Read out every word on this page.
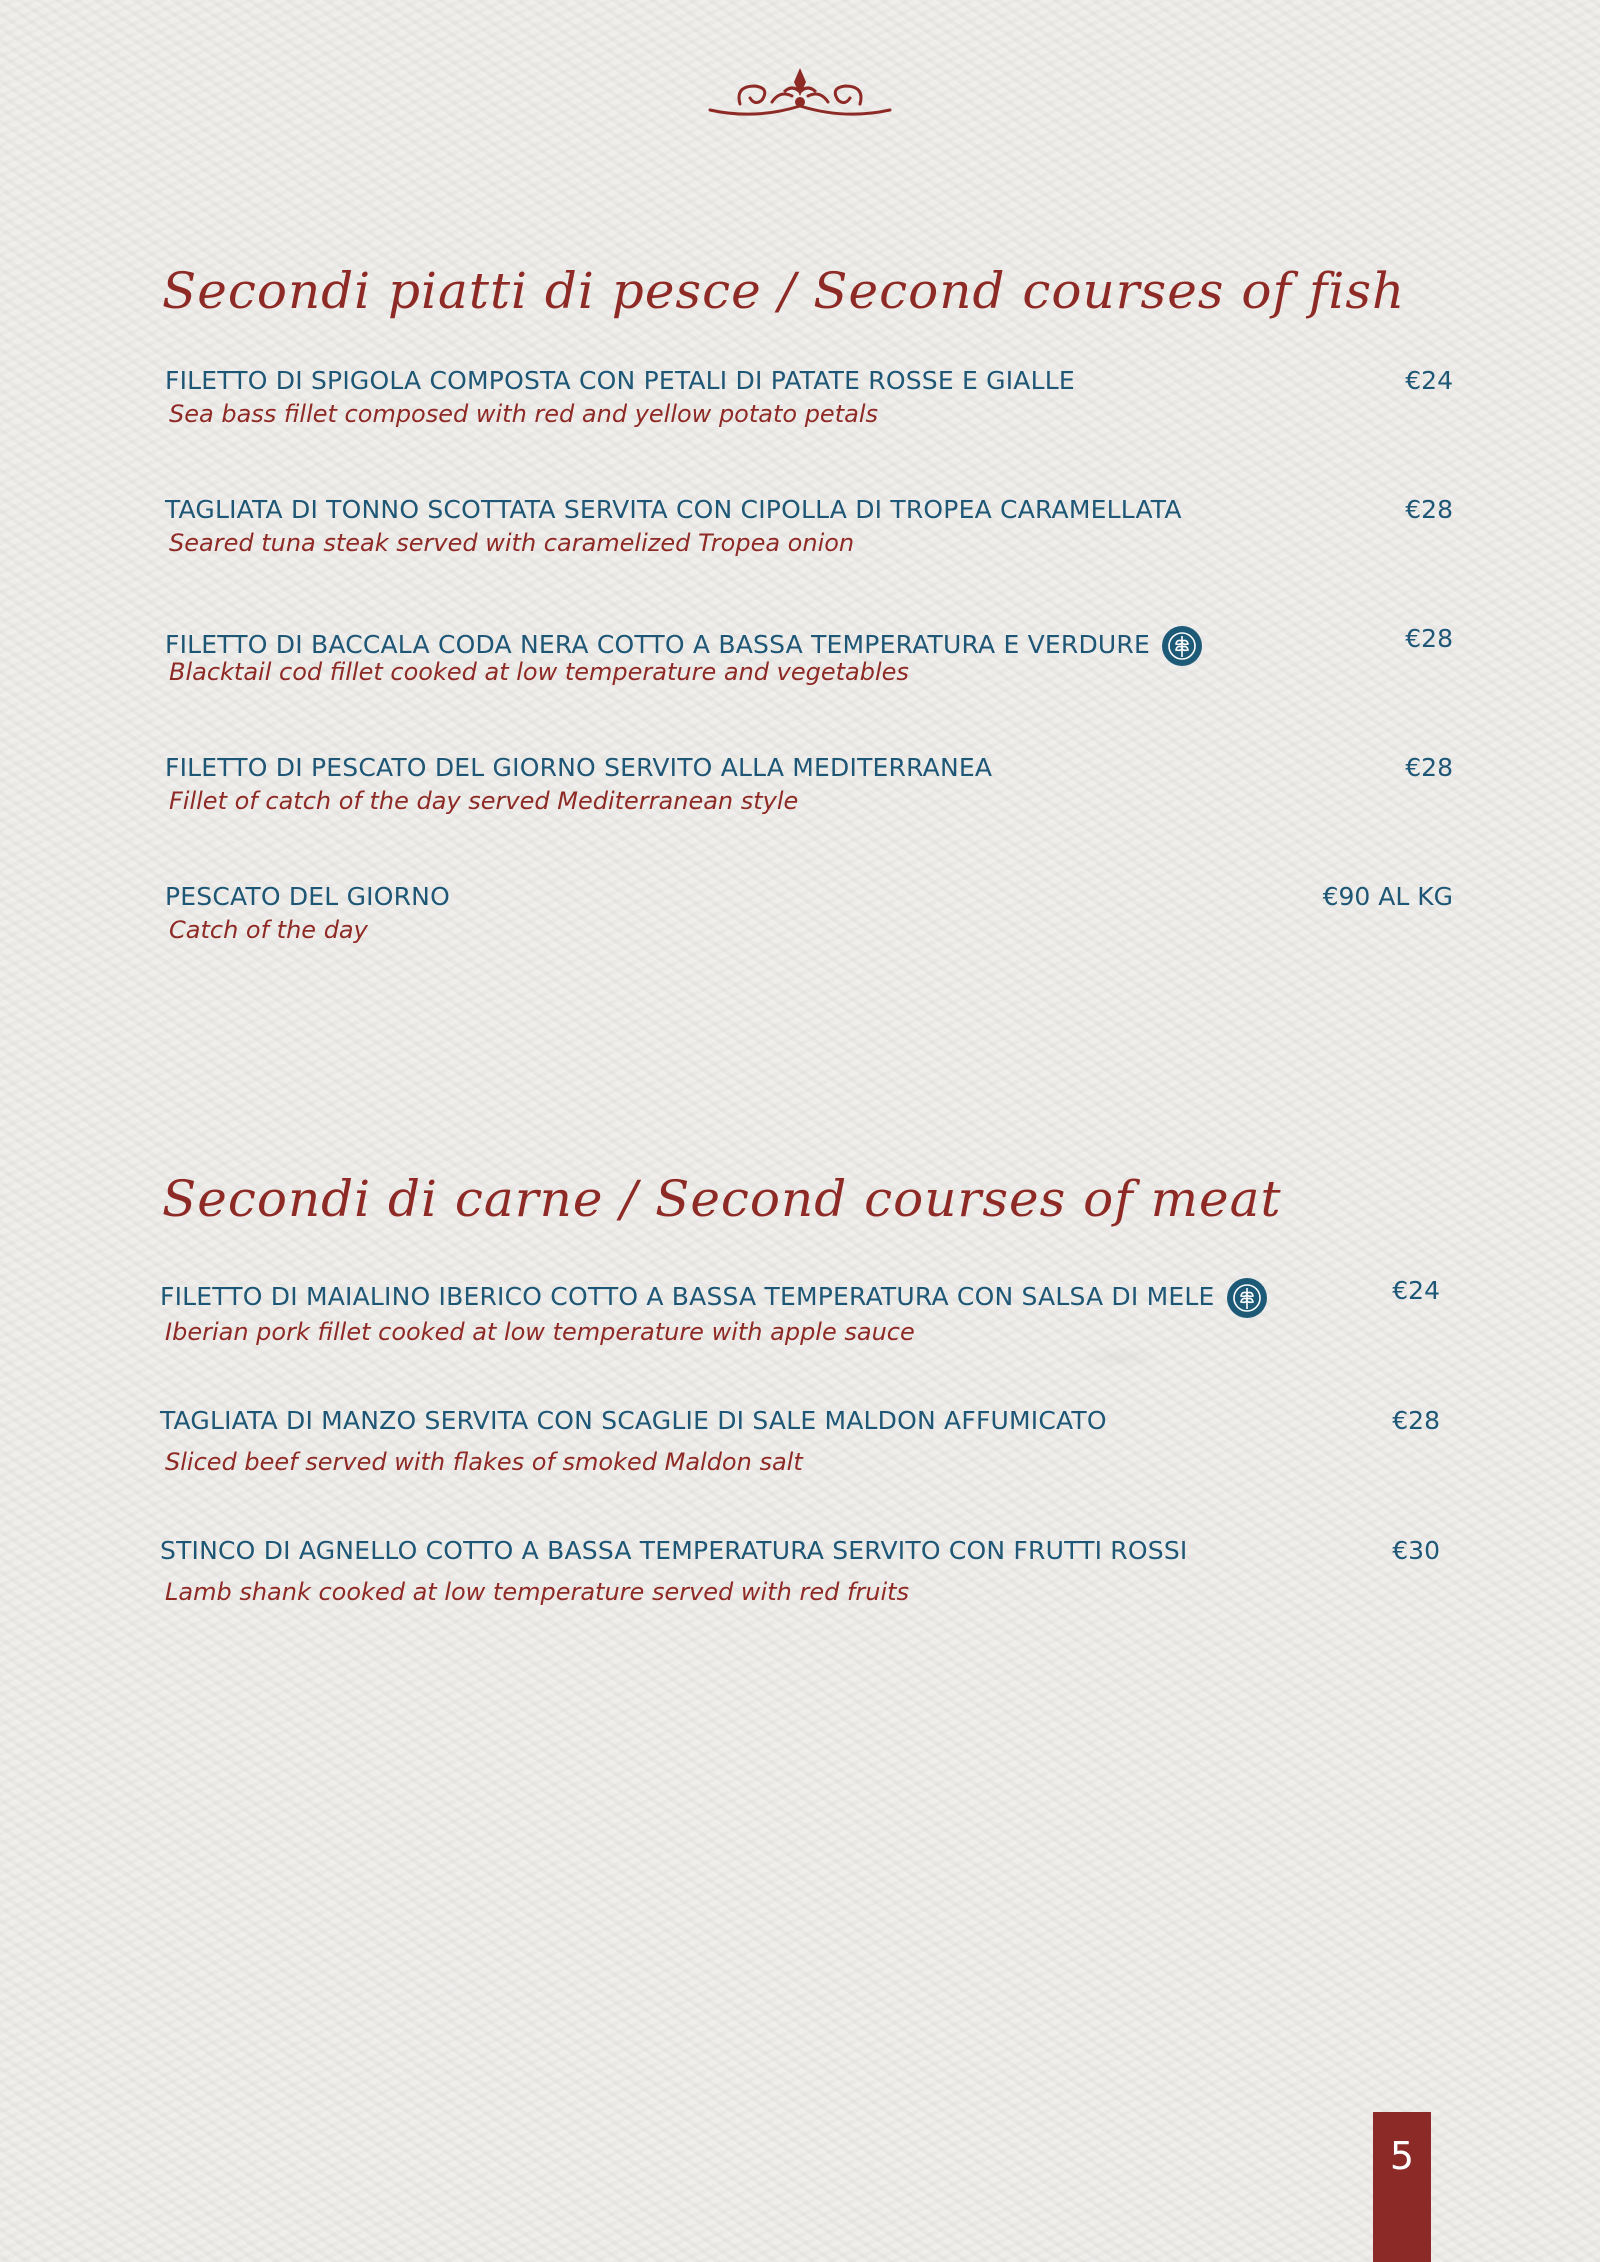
Secondi piatti di pesce / Second courses of fish
FILETTO DI SPIGOLA COMPOSTA CON PETALI DI PATATE ROSSE E GIALLE	€24
Sea bass fillet composed with red and yellow potato petals
TAGLIATA DI TONNO SCOTTATA SERVITA CON CIPOLLA DI TROPEA CARAMELLATA	€28
Seared tuna steak served with caramelized Tropea onion
FILETTO DI BACCALA CODA NERA COTTO A BASSA TEMPERATURA E VERDURE	€28
Blacktail cod fillet cooked at low temperature and vegetables
FILETTO DI PESCATO DEL GIORNO SERVITO ALLA MEDITERRANEA	€28
Fillet of catch of the day served Mediterranean style
PESCATO DEL GIORNO	€90 AL KG
Catch of the day
Secondi di carne / Second courses of meat
FILETTO DI MAIALINO IBERICO COTTO A BASSA TEMPERATURA CON SALSA DI MELE	€24
Iberian pork fillet cooked at low temperature with apple sauce
TAGLIATA DI MANZO SERVITA CON SCAGLIE DI SALE MALDON AFFUMICATO	€28
Sliced beef served with flakes of smoked Maldon salt
STINCO DI AGNELLO COTTO A BASSA TEMPERATURA SERVITO CON FRUTTI ROSSI	€30
Lamb shank cooked at low temperature served with red fruits
5
